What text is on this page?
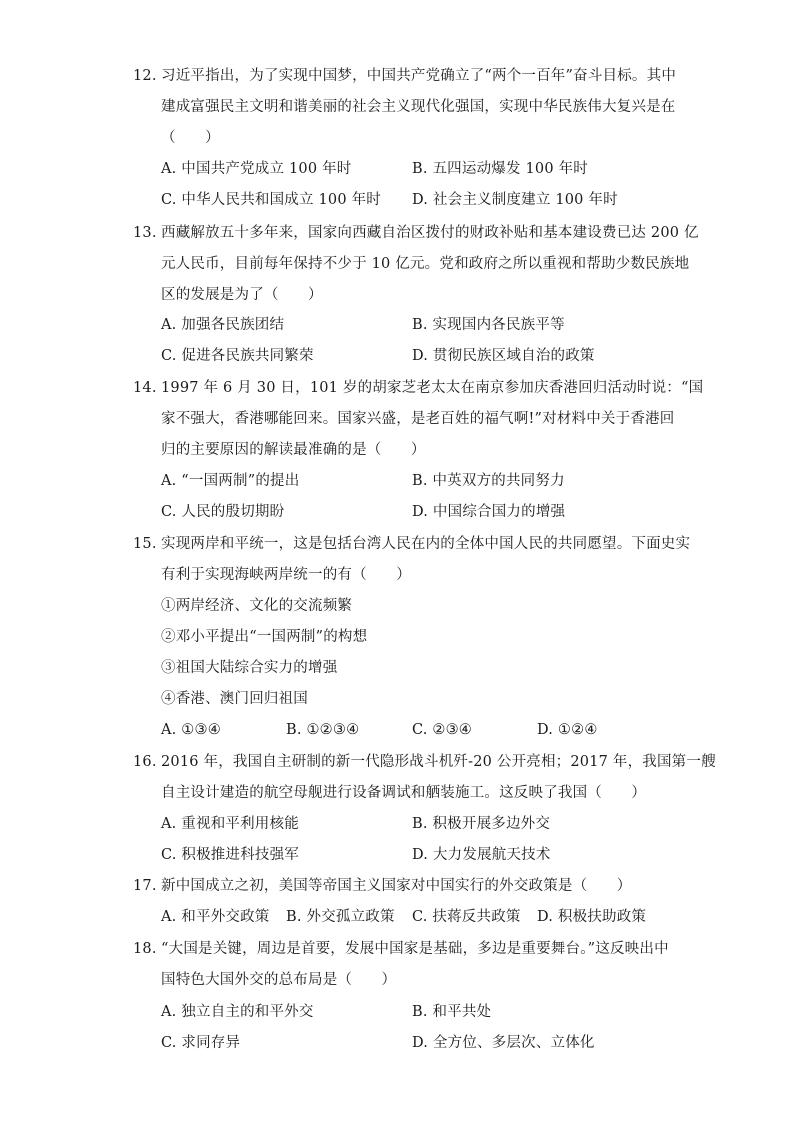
12. 习近平指出，为了实现中国梦，中国共产党确立了“两个一百年”奋斗目标。其中
建成富强民主文明和谐美丽的社会主义现代化强国，实现中华民族伟大复兴是在
（　　）
A. 中国共产党成立 100 年时	B. 五四运动爆发 100 年时
C. 中华人民共和国成立 100 年时 D. 社会主义制度建立 100 年时
13. 西藏解放五十多年来，国家向西藏自治区拨付的财政补贴和基本建设费已达 200 亿
元人民币，目前每年保持不少于 10 亿元。党和政府之所以重视和帮助少数民族地
区的发展是为了（　　）
A. 加强各民族团结	B. 实现国内各民族平等
C. 促进各民族共同繁荣	D. 贯彻民族区域自治的政策
14. 1997 年 6 月 30 日，101 岁的胡家芝老太太在南京参加庆香港回归活动时说：“国
家不强大，香港哪能回来。国家兴盛，是老百姓的福气啊!”对材料中关于香港回
归的主要原因的解读最准确的是（　　）
A. “一国两制”的提出	B. 中英双方的共同努力
C. 人民的殷切期盼	D. 中国综合国力的增强
15. 实现两岸和平统一，这是包括台湾人民在内的全体中国人民的共同愿望。下面史实
有利于实现海峡两岸统一的有（　　）
①两岸经济、文化的交流频繁
②邓小平提出“一国两制”的构想
③祖国大陆综合实力的增强
④香港、澳门回归祖国
A. ①③④	B. ①②③④	C. ②③④	D. ①②④
16. 2016 年，我国自主研制的新一代隐形战斗机歼-20 公开亮相；2017 年，我国第一艘
自主设计建造的航空母舰进行设备调试和舾装施工。这反映了我国（　　）
A. 重视和平利用核能	B. 积极开展多边外交
C. 积极推进科技强军	D. 大力发展航天技术
17. 新中国成立之初，美国等帝国主义国家对中国实行的外交政策是（　　）
A. 和平外交政策 B. 外交孤立政策 C. 扶蒋反共政策 D. 积极扶助政策
18. “大国是关键，周边是首要，发展中国家是基础，多边是重要舞台。”这反映出中
国特色大国外交的总布局是（　　）
A. 独立自主的和平外交	B. 和平共处
C. 求同存异	D. 全方位、多层次、立体化
